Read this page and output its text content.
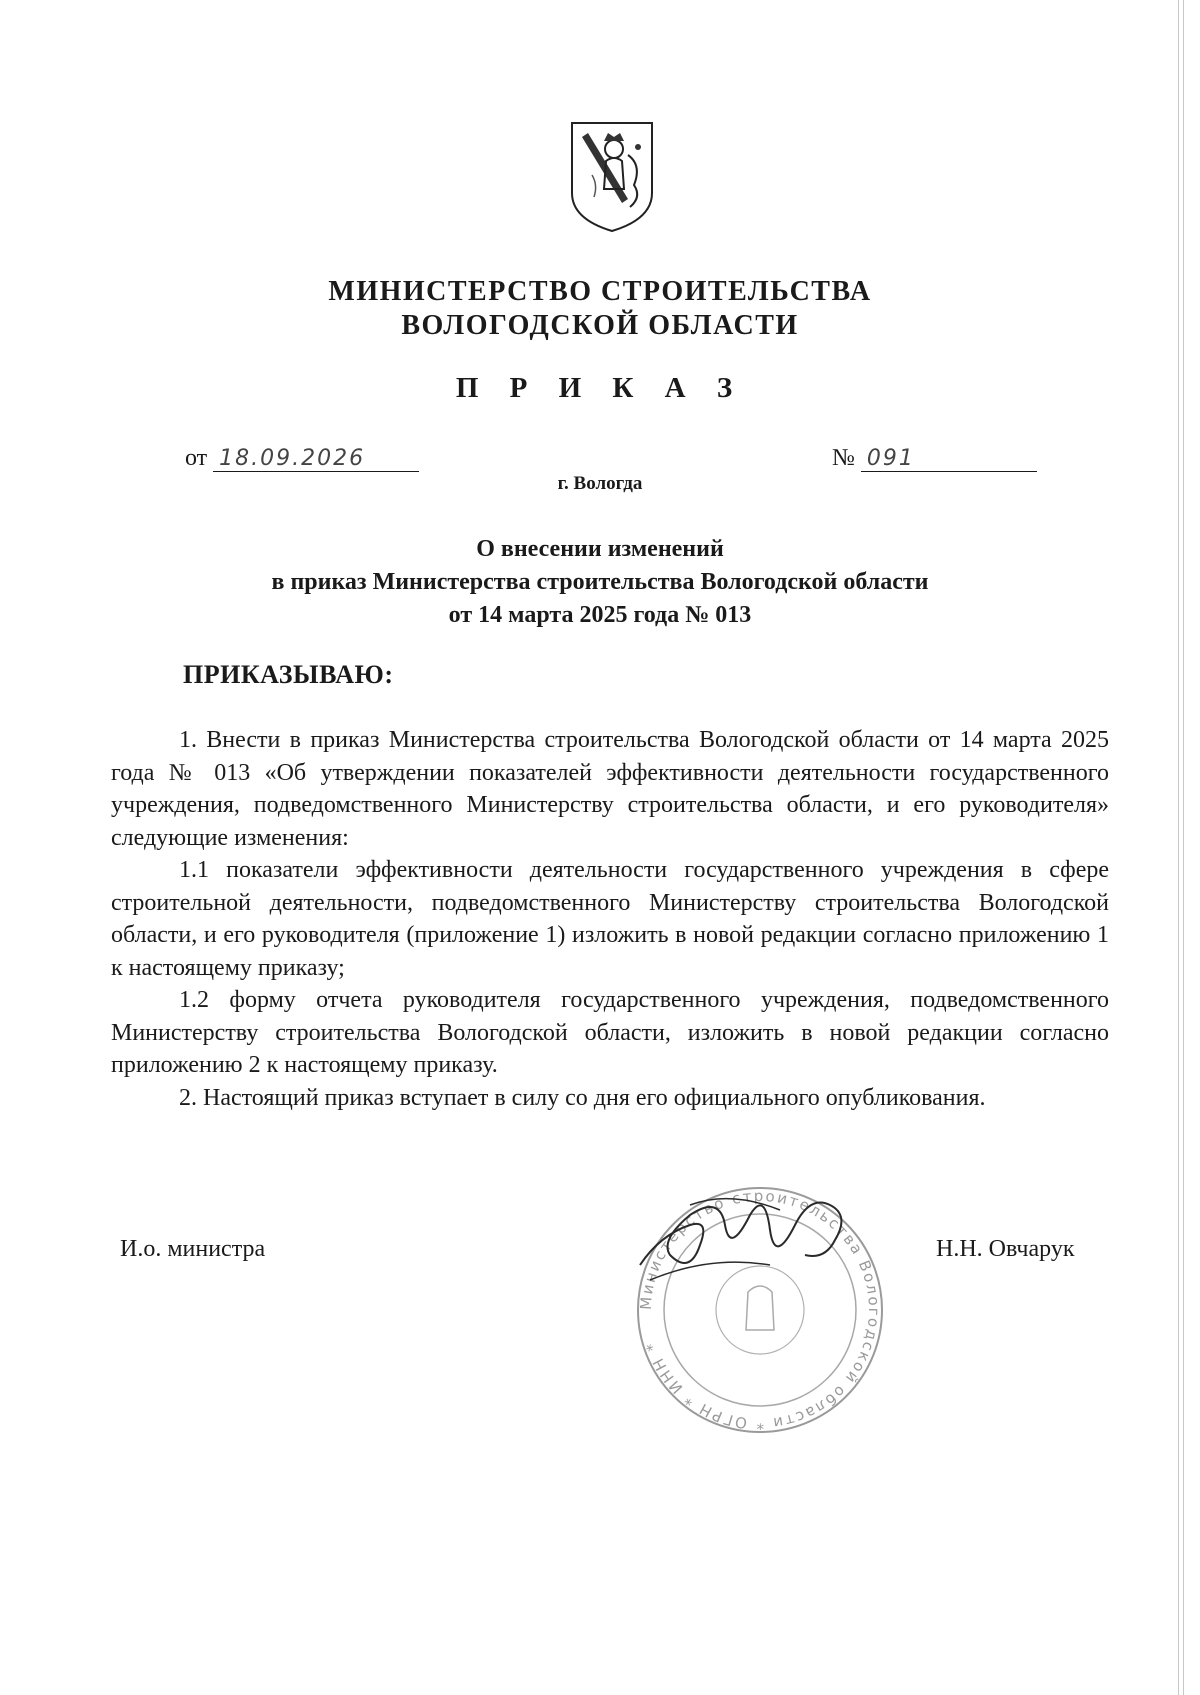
МИНИСТЕРСТВО СТРОИТЕЛЬСТВА
ВОЛОГОДСКОЙ ОБЛАСТИ
П Р И К А З
от 18.09.2026	№ 091
г. Вологда
О внесении изменений
в приказ Министерства строительства Вологодской области
от 14 марта 2025 года № 013
ПРИКАЗЫВАЮ:

1. Внести в приказ Министерства строительства Вологодской области от 14 марта 2025 года № 013 «Об утверждении показателей эффективности деятельности государственного учреждения, подведомственного Министерству строительства области, и его руководителя» следующие изменения:

1.1 показатели эффективности деятельности государственного учреждения в сфере строительной деятельности, подведомственного Министерству строительства Вологодской области, и его руководителя (приложение 1) изложить в новой редакции согласно приложению 1 к настоящему приказу;

1.2 форму отчета руководителя государственного учреждения, подведомственного Министерству строительства Вологодской области, изложить в новой редакции согласно приложению 2 к настоящему приказу.

2. Настоящий приказ вступает в силу со дня его официального опубликования.

И.о. министра	Н.Н. Овчарук
Министерство строительства Вологодской области * ОГРН * ИНН *
